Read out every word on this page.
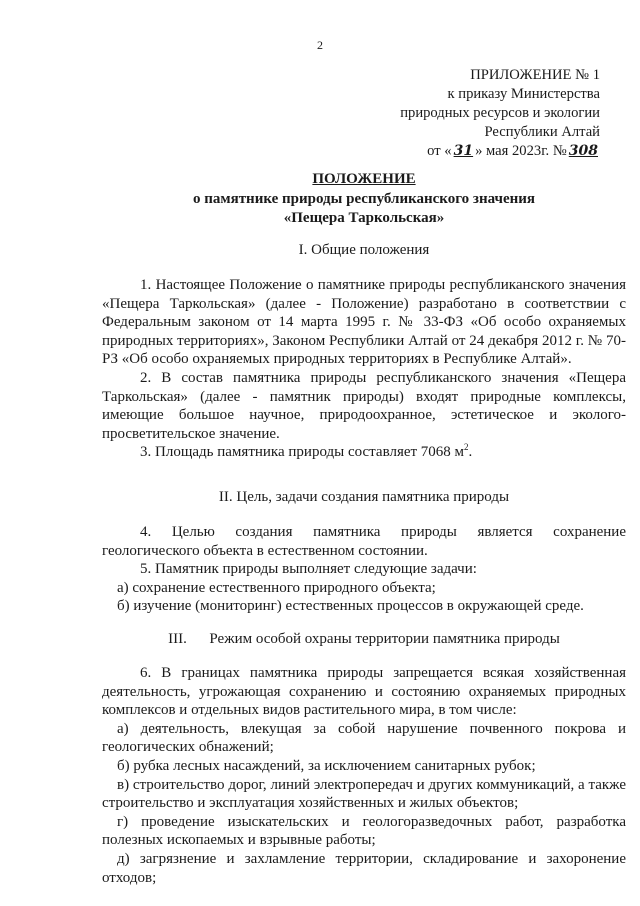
2
ПРИЛОЖЕНИЕ № 1
к приказу Министерства
природных ресурсов и экологии
Республики Алтай
от « 31 » мая 2023г. № 308
ПОЛОЖЕНИЕ
о памятнике природы республиканского значения
«Пещера Таркольская»
I. Общие положения

1. Настоящее Положение о памятнике природы республиканского значения «Пещера Таркольская» (далее - Положение) разработано в соответствии с Федеральным законом от 14 марта 1995 г. № 33-ФЗ «Об особо охраняемых природных территориях», Законом Республики Алтай от 24 декабря 2012 г. № 70-РЗ «Об особо охраняемых природных территориях в Республике Алтай».

2. В состав памятника природы республиканского значения «Пещера Таркольская» (далее - памятник природы) входят природные комплексы, имеющие большое научное, природоохранное, эстетическое и эколого-просветительское значение.

3. Площадь памятника природы составляет 7068 $м^2$.

II. Цель, задачи создания памятника природы

4. Целью создания памятника природы является сохранение геологического объекта в естественном состоянии.

5. Памятник природы выполняет следующие задачи:

а) сохранение естественного природного объекта;

б) изучение (мониторинг) естественных процессов в окружающей среде.

III.      Режим особой охраны территории памятника природы

6. В границах памятника природы запрещается всякая хозяйственная деятельность, угрожающая сохранению и состоянию охраняемых природных комплексов и отдельных видов растительного мира, в том числе:

а) деятельность, влекущая за собой нарушение почвенного покрова и геологических обнажений;

б) рубка лесных насаждений, за исключением санитарных рубок;

в) строительство дорог, линий электропередач и других коммуникаций, а также строительство и эксплуатация хозяйственных и жилых объектов;

г) проведение изыскательских и геологоразведочных работ, разработка полезных ископаемых и взрывные работы;

д) загрязнение и захламление территории, складирование и захоронение отходов;
